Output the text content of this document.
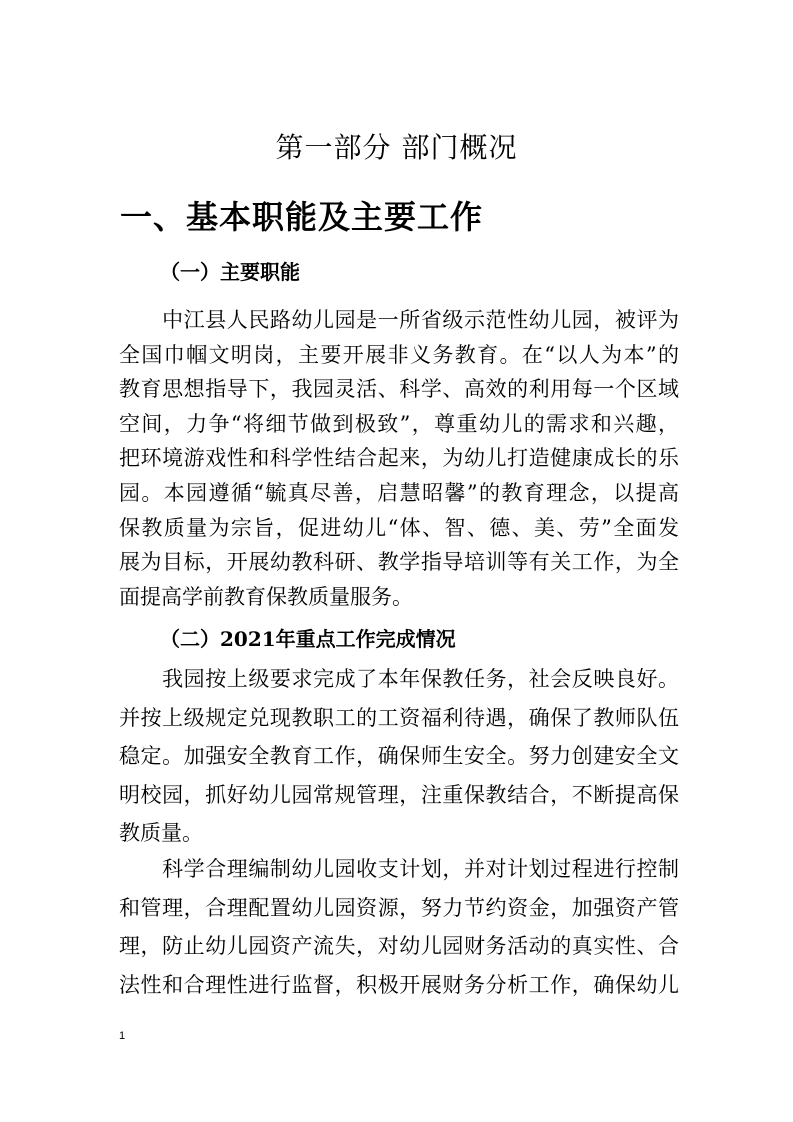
第一部分 部门概况
一、基本职能及主要工作
（一）主要职能
　　中江县人民路幼儿园是一所省级示范性幼儿园，被评为
全国巾帼文明岗，主要开展非义务教育。在“以人为本”的
教育思想指导下，我园灵活、科学、高效的利用每一个区域
空间，力争“将细节做到极致”，尊重幼儿的需求和兴趣，
把环境游戏性和科学性结合起来，为幼儿打造健康成长的乐
园。本园遵循“毓真尽善，启慧昭馨”的教育理念，以提高
保教质量为宗旨，促进幼儿“体、智、德、美、劳”全面发
展为目标，开展幼教科研、教学指导培训等有关工作，为全
面提高学前教育保教质量服务。
（二）2021年重点工作完成情况
　　我园按上级要求完成了本年保教任务，社会反映良好。
并按上级规定兑现教职工的工资福利待遇，确保了教师队伍
稳定。加强安全教育工作，确保师生安全。努力创建安全文
明校园，抓好幼儿园常规管理，注重保教结合，不断提高保
教质量。
　　科学合理编制幼儿园收支计划，并对计划过程进行控制
和管理，合理配置幼儿园资源，努力节约资金，加强资产管
理，防止幼儿园资产流失，对幼儿园财务活动的真实性、合
法性和合理性进行监督，积极开展财务分析工作，确保幼儿
1
